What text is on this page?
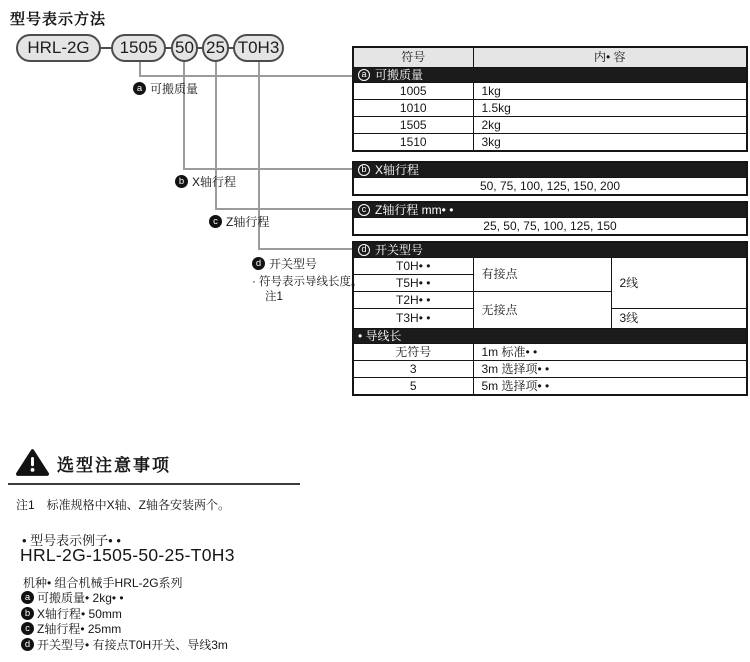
型号表示方法
HRL-2G	1505	50 25 T0H3
a 可搬质量
b X轴行程
c Z轴行程
d 开关型号
· 符号表示导线长度。
注1
符号	内• 容

a 可搬质量	

1005	1kg
1010	1.5kg
1505	2kg
1510	3kg
b X轴行程

50, 75, 100, 125, 150, 200
c Z轴行程 mm• •

25, 50, 75, 100, 125, 150
d 开关型号		

T0H• •	有接点	2线
T5H• •		
T2H• •	无接点	
T3H• •		3线

• 导线长		

无符号	1m 标准• •	
3	3m 选择项• •	
5	5m 选择项• •	
选型注意事项
注1　标准规格中X轴、Z轴各安装两个。
• 型号表示例子• •
HRL-2G-1505-50-25-T0H3
机种• 组合机械手HRL-2G系列
a 可搬质量• 2kg• •
b X轴行程• 50mm
c Z轴行程• 25mm
d 开关型号• 有接点T0H开关、导线3m
